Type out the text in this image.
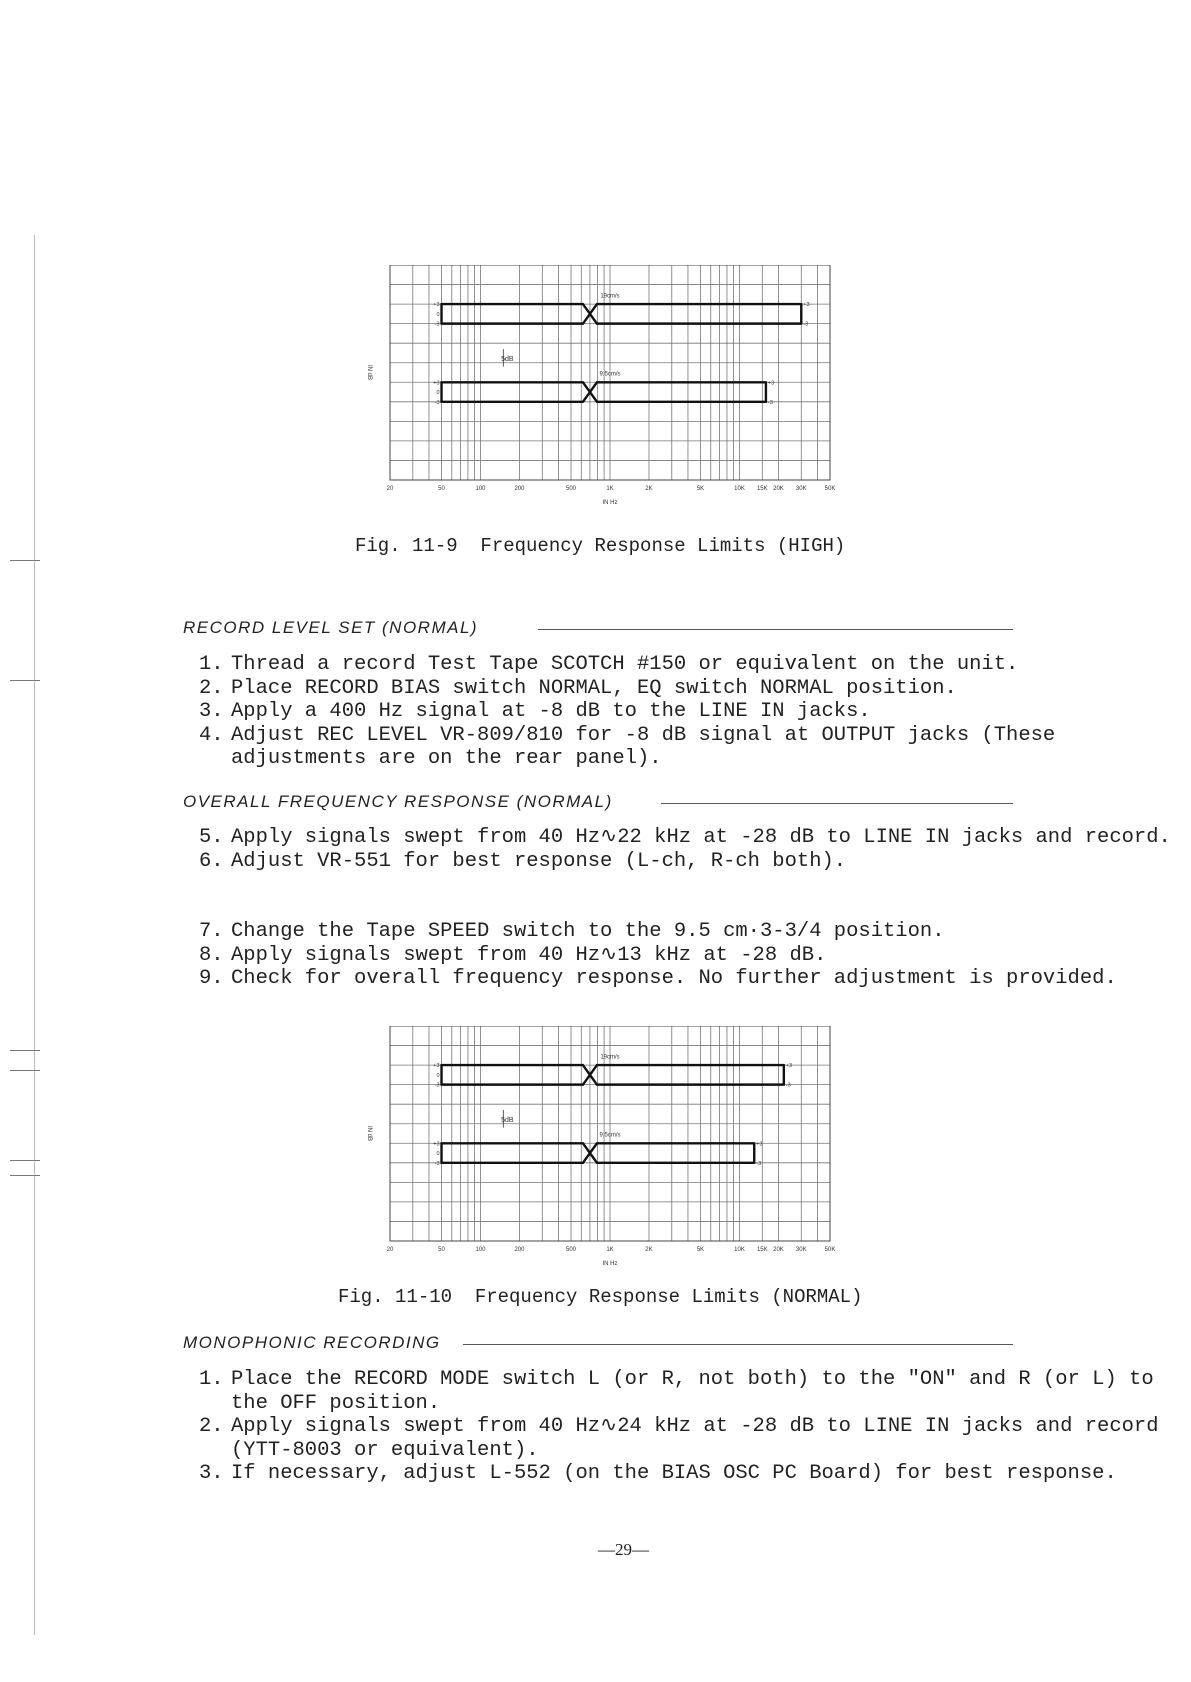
20	50	100	200	500	1K	2K	5K	10K 15K 20K 30K	50K
IN Hz
IN dB
5dB
19cm/s
+3
0
-3
+3
-3
9.5cm/s
+3
0
-3
+3
-3
Fig. 11-9  Frequency Response Limits (HIGH)
RECORD LEVEL SET (NORMAL)
1. Thread a record Test Tape SCOTCH #150 or equivalent on the unit.
2. Place RECORD BIAS switch NORMAL, EQ switch NORMAL position.
3. Apply a 400 Hz signal at -8 dB to the LINE IN jacks.
4. Adjust REC LEVEL VR-809/810 for -8 dB signal at OUTPUT jacks (These adjustments are on the rear panel).
OVERALL FREQUENCY RESPONSE (NORMAL)
5. Apply signals swept from 40 Hz∿22 kHz at -28 dB to LINE IN jacks and record.
6. Adjust VR-551 for best response (L-ch, R-ch both).
7. Change the Tape SPEED switch to the 9.5 cm·3-3/4 position.
8. Apply signals swept from 40 Hz∿13 kHz at -28 dB.
9. Check for overall frequency response. No further adjustment is provided.
20	50	100	200	500	1K	2K	5K	10K 15K 20K 30K	50K
IN Hz
IN dB
5dB
19cm/s
+3
0
-3
+3
-3
9.5cm/s
+3
0
-3
+3
-3
Fig. 11-10  Frequency Response Limits (NORMAL)
MONOPHONIC RECORDING
1. Place the RECORD MODE switch L (or R, not both) to the "ON" and R (or L) to the OFF position.
2. Apply signals swept from 40 Hz∿24 kHz at -28 dB to LINE IN jacks and record (YTT-8003 or equivalent).
3. If necessary, adjust L-552 (on the BIAS OSC PC Board) for best response.
—29—
